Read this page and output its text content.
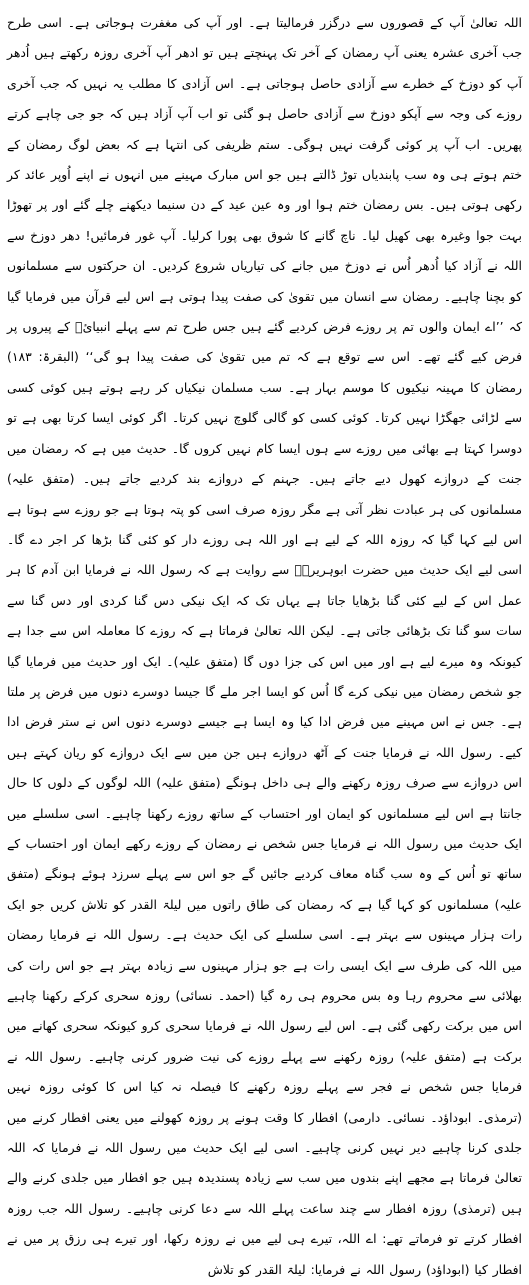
اللہ تعالیٰ آپ کے قصوروں سے درگزر فرمالیتا ہے۔ اور آپ کی مغفرت ہوجاتی ہے۔ اسی طرح جب آخری عشرہ یعنی آپ رمضان کے آخر تک پہنچتے ہیں تو ادھر آپ آخری روزہ رکھتے ہیں اُدھر آپ کو دوزخ کے خطرے سے آزادی حاصل ہوجاتی ہے۔ اس آزادی کا مطلب یہ نہیں کہ جب آخری روزے کی وجہ سے آپکو دوزخ سے آزادی حاصل ہو گئی تو اب آپ آزاد ہیں کہ جو جی چاہے کرتے پھریں۔ اب آپ پر کوئی گرفت نہیں ہوگی۔ ستم ظریفی کی انتہا ہے کہ بعض لوگ رمضان کے ختم ہوتے ہی وہ سب پابندیاں توڑ ڈالتے ہیں جو اس مبارک مہینے میں انہوں نے اپنے اُوپر عائد کر رکھی ہوتی ہیں۔ بس رمضان ختم ہوا اور وہ عین عید کے دن سنیما دیکھنے چلے گئے اور پر تھوڑا بہت جوا وغیرہ بھی کھیل لیا۔ ناچ گانے کا شوق بھی پورا کرلیا۔ آپ غور فرمائیں! دھر دوزخ سے اللہ نے آزاد کیا اُدھر اُس نے دوزخ میں جانے کی تیاریاں شروع کردیں۔ ان حرکتوں سے مسلمانوں کو بچنا چاہیے۔ رمضان سے انسان میں تقویٰ کی صفت پیدا ہوتی ہے اس لیے قرآن میں فرمایا گیا کہ ’’اے ایمان والوں تم پر روزے فرض کردیے گئے ہیں جس طرح تم سے پہلے انبیائؑ کے پیروں پر فرض کیے گئے تھے۔ اس سے توقع ہے کہ تم میں تقویٰ کی صفت پیدا ہو گی‘‘ (البقرۃ: ۱۸۳) رمضان کا مہینہ نیکیوں کا موسم بہار ہے۔ سب مسلمان نیکیاں کر رہے ہوتے ہیں کوئی کسی سے لڑائی جھگڑا نہیں کرتا۔ کوئی کسی کو گالی گلوچ نہیں کرتا۔ اگر کوئی ایسا کرتا بھی ہے تو دوسرا کہتا ہے بھائی میں روزے سے ہوں ایسا کام نہیں کروں گا۔ حدیث میں ہے کہ رمضان میں جنت کے دروازے کھول دیے جاتے ہیں۔ جہنم کے دروازے بند کردیے جاتے ہیں۔ (متفق علیہ) مسلمانوں کی ہر عبادت نظر آتی ہے مگر روزہ صرف اسی کو پتہ ہوتا ہے جو روزے سے ہوتا ہے اس لیے کہا گیا کہ روزہ اللہ کے لیے ہے اور اللہ ہی روزے دار کو کئی گنا بڑھا کر اجر دے گا۔ اسی لیے ایک حدیث میں حضرت ابوہریرہؓ سے روایت ہے کہ رسول اللہ نے فرمایا ابن آدم کا ہر عمل اس کے لیے کئی گنا بڑھایا جاتا ہے یہاں تک کہ ایک نیکی دس گنا کردی اور دس گنا سے سات سو گنا تک بڑھائی جاتی ہے۔ لیکن اللہ تعالیٰ فرماتا ہے کہ روزے کا معاملہ اس سے جدا ہے کیونکہ وہ میرے لیے ہے اور میں اس کی جزا دوں گا (متفق علیہ)۔ ایک اور حدیث میں فرمایا گیا جو شخص رمضان میں نیکی کرے گا اُس کو ایسا اجر ملے گا جیسا دوسرے دنوں میں فرض پر ملتا ہے۔ جس نے اس مہینے میں فرض ادا کیا وہ ایسا ہے جیسے دوسرے دنوں اس نے ستر فرض ادا کیے۔ رسول اللہ نے فرمایا جنت کے آٹھ دروازے ہیں جن میں سے ایک دروازے کو ریان کہتے ہیں اس دروازے سے صرف روزہ رکھنے والے ہی داخل ہونگے (متفق علیہ) اللہ لوگوں کے دلوں کا حال جانتا ہے اس لیے مسلمانوں کو ایمان اور احتساب کے ساتھ روزے رکھنا چاہیے۔ اسی سلسلے میں ایک حدیث میں رسول اللہ نے فرمایا جس شخص نے رمضان کے روزے رکھے ایمان اور احتساب کے ساتھ تو اُس کے وہ سب گناہ معاف کردیے جائیں گے جو اس سے پہلے سرزد ہوئے ہونگے (متفق علیہ) مسلمانوں کو کہا گیا ہے کہ رمضان کی طاق راتوں میں لیلۃ القدر کو تلاش کریں جو ایک رات ہزار مہینوں سے بہتر ہے۔ اسی سلسلے کی ایک حدیث ہے۔ رسول اللہ نے فرمایا رمضان میں اللہ کی طرف سے ایک ایسی رات ہے جو ہزار مہینوں سے زیادہ بہتر ہے جو اس رات کی بھلائی سے محروم رہا وہ بس محروم ہی رہ گیا (احمد۔ نسائی) روزہ سحری کرکے رکھنا چاہیے اس میں برکت رکھی گئی ہے۔ اس لیے رسول اللہ نے فرمایا سحری کرو کیونکہ سحری کھانے میں برکت ہے (متفق علیہ) روزہ رکھنے سے پہلے روزے کی نیت ضرور کرنی چاہیے۔ رسول اللہ نے فرمایا جس شخص نے فجر سے پہلے روزہ رکھنے کا فیصلہ نہ کیا اس کا کوئی روزہ نہیں (ترمذی۔ ابوداؤد۔ نسائی۔ دارمی) افطار کا وقت ہونے پر روزہ کھولنے میں یعنی افطار کرنے میں جلدی کرنا چاہیے دیر نہیں کرنی چاہیے۔ اسی لیے ایک حدیث میں رسول اللہ نے فرمایا کہ اللہ تعالیٰ فرماتا ہے مجھے اپنے بندوں میں سب سے زیادہ پسندیدہ ہیں جو افطار میں جلدی کرنے والے ہیں (ترمذی) روزہ افطار سے چند ساعت پہلے اللہ سے دعا کرنی چاہیے۔ رسول اللہ جب روزہ افطار کرتے تو فرماتے تھے: اے اللہ، تیرے ہی لیے میں نے روزہ رکھا، اور تیرے ہی رزق پر میں نے افطار کیا (ابوداؤد) رسول اللہ نے فرمایا: لیلۃ القدر کو تلاش
